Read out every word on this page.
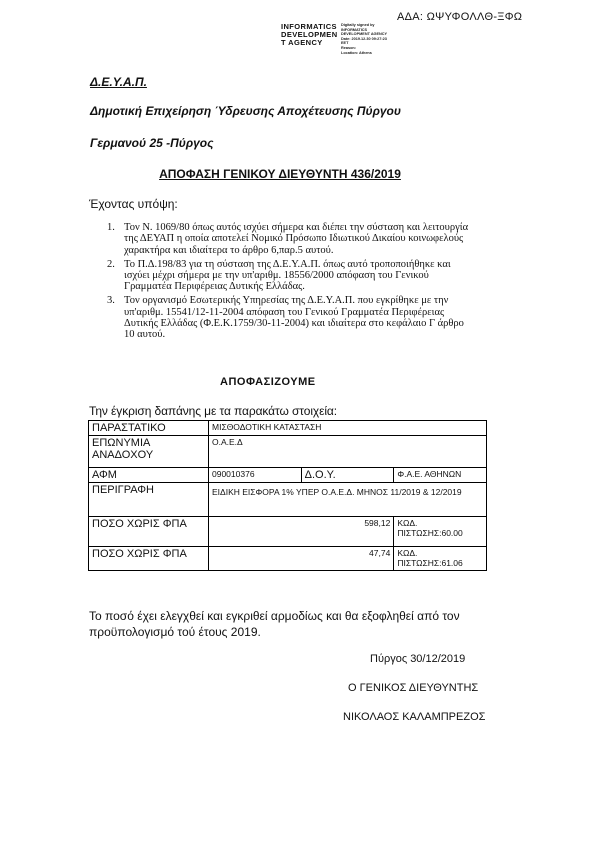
ΑΔΑ: ΩΨΥΦΟΛΛΘ-ΞΦΩ
INFORMATICS
DEVELOPMEN
T AGENCY
Digitally signed by
INFORMATICS
DEVELOPMENT AGENCY
Date: 2019.12.30 09:27:23
EET
Reason:
Location: Athens
Δ.Ε.Υ.Α.Π.
Δημοτική Επιχείρηση Ύδρευσης Αποχέτευσης Πύργου
Γερμανού 25 -Πύργος
ΑΠΟΦΑΣΗ ΓΕΝΙΚΟΥ ΔΙΕΥΘΥΝΤΗ 436/2019
Έχοντας υπόψη:
1. Τον Ν. 1069/80 όπως αυτός ισχύει σήμερα και διέπει την σύσταση και λειτουργία της ΔΕΥΑΠ η οποία αποτελεί Νομικό Πρόσωπο Ιδιωτικού Δικαίου κοινωφελούς χαρακτήρα και ιδιαίτερα το άρθρο 6,παρ.5 αυτού.
2. Το Π.Δ.198/83 για τη σύσταση της Δ.Ε.Υ.Α.Π. όπως αυτό τροποποιήθηκε και ισχύει μέχρι σήμερα με την υπ'αριθμ. 18556/2000 απόφαση του Γενικού Γραμματέα Περιφέρειας Δυτικής Ελλάδας.
3. Τον οργανισμό Εσωτερικής Υπηρεσίας της Δ.Ε.Υ.Α.Π. που εγκρίθηκε με την υπ'αριθμ. 15541/12-11-2004 απόφαση του Γενικού Γραμματέα Περιφέρειας Δυτικής Ελλάδας (Φ.Ε.Κ.1759/30-11-2004) και ιδιαίτερα στο κεφάλαιο Γ άρθρο 10 αυτού.
ΑΠΟΦΑΣΙΖΟΥΜΕ
Την έγκριση δαπάνης με τα παρακάτω στοιχεία:
ΠΑΡΑΣΤΑΤΙΚΟ	ΜΙΣΘΟΔΟΤΙΚΗ ΚΑΤΑΣΤΑΣΗ		
ΕΠΩΝΥΜΙΑ ΑΝΑΔΟΧΟΥ	Ο.Α.Ε.Δ		
ΑΦΜ	090010376	Δ.Ο.Υ.	Φ.Α.Ε. ΑΘΗΝΩΝ
ΠΕΡΙΓΡΑΦΗ	ΕΙΔΙΚΗ ΕΙΣΦΟΡΑ 1% ΥΠΕΡ Ο.Α.Ε.Δ. ΜΗΝΟΣ 11/2019 & 12/2019		
ΠΟΣΟ ΧΩΡΙΣ ΦΠΑ	598,12		ΚΩΔ. ΠΙΣΤΩΣΗΣ:60.00
ΠΟΣΟ ΧΩΡΙΣ ΦΠΑ	47,74		ΚΩΔ. ΠΙΣΤΩΣΗΣ:61.06
Το ποσό έχει ελεγχθεί και εγκριθεί αρμοδίως και θα εξοφληθεί από τον προϋπολογισμό τού έτους 2019.
Πύργος 30/12/2019
Ο ΓΕΝΙΚΟΣ ΔΙΕΥΘΥΝΤΗΣ
ΝΙΚΟΛΑΟΣ ΚΑΛΑΜΠΡΕΖΟΣ
